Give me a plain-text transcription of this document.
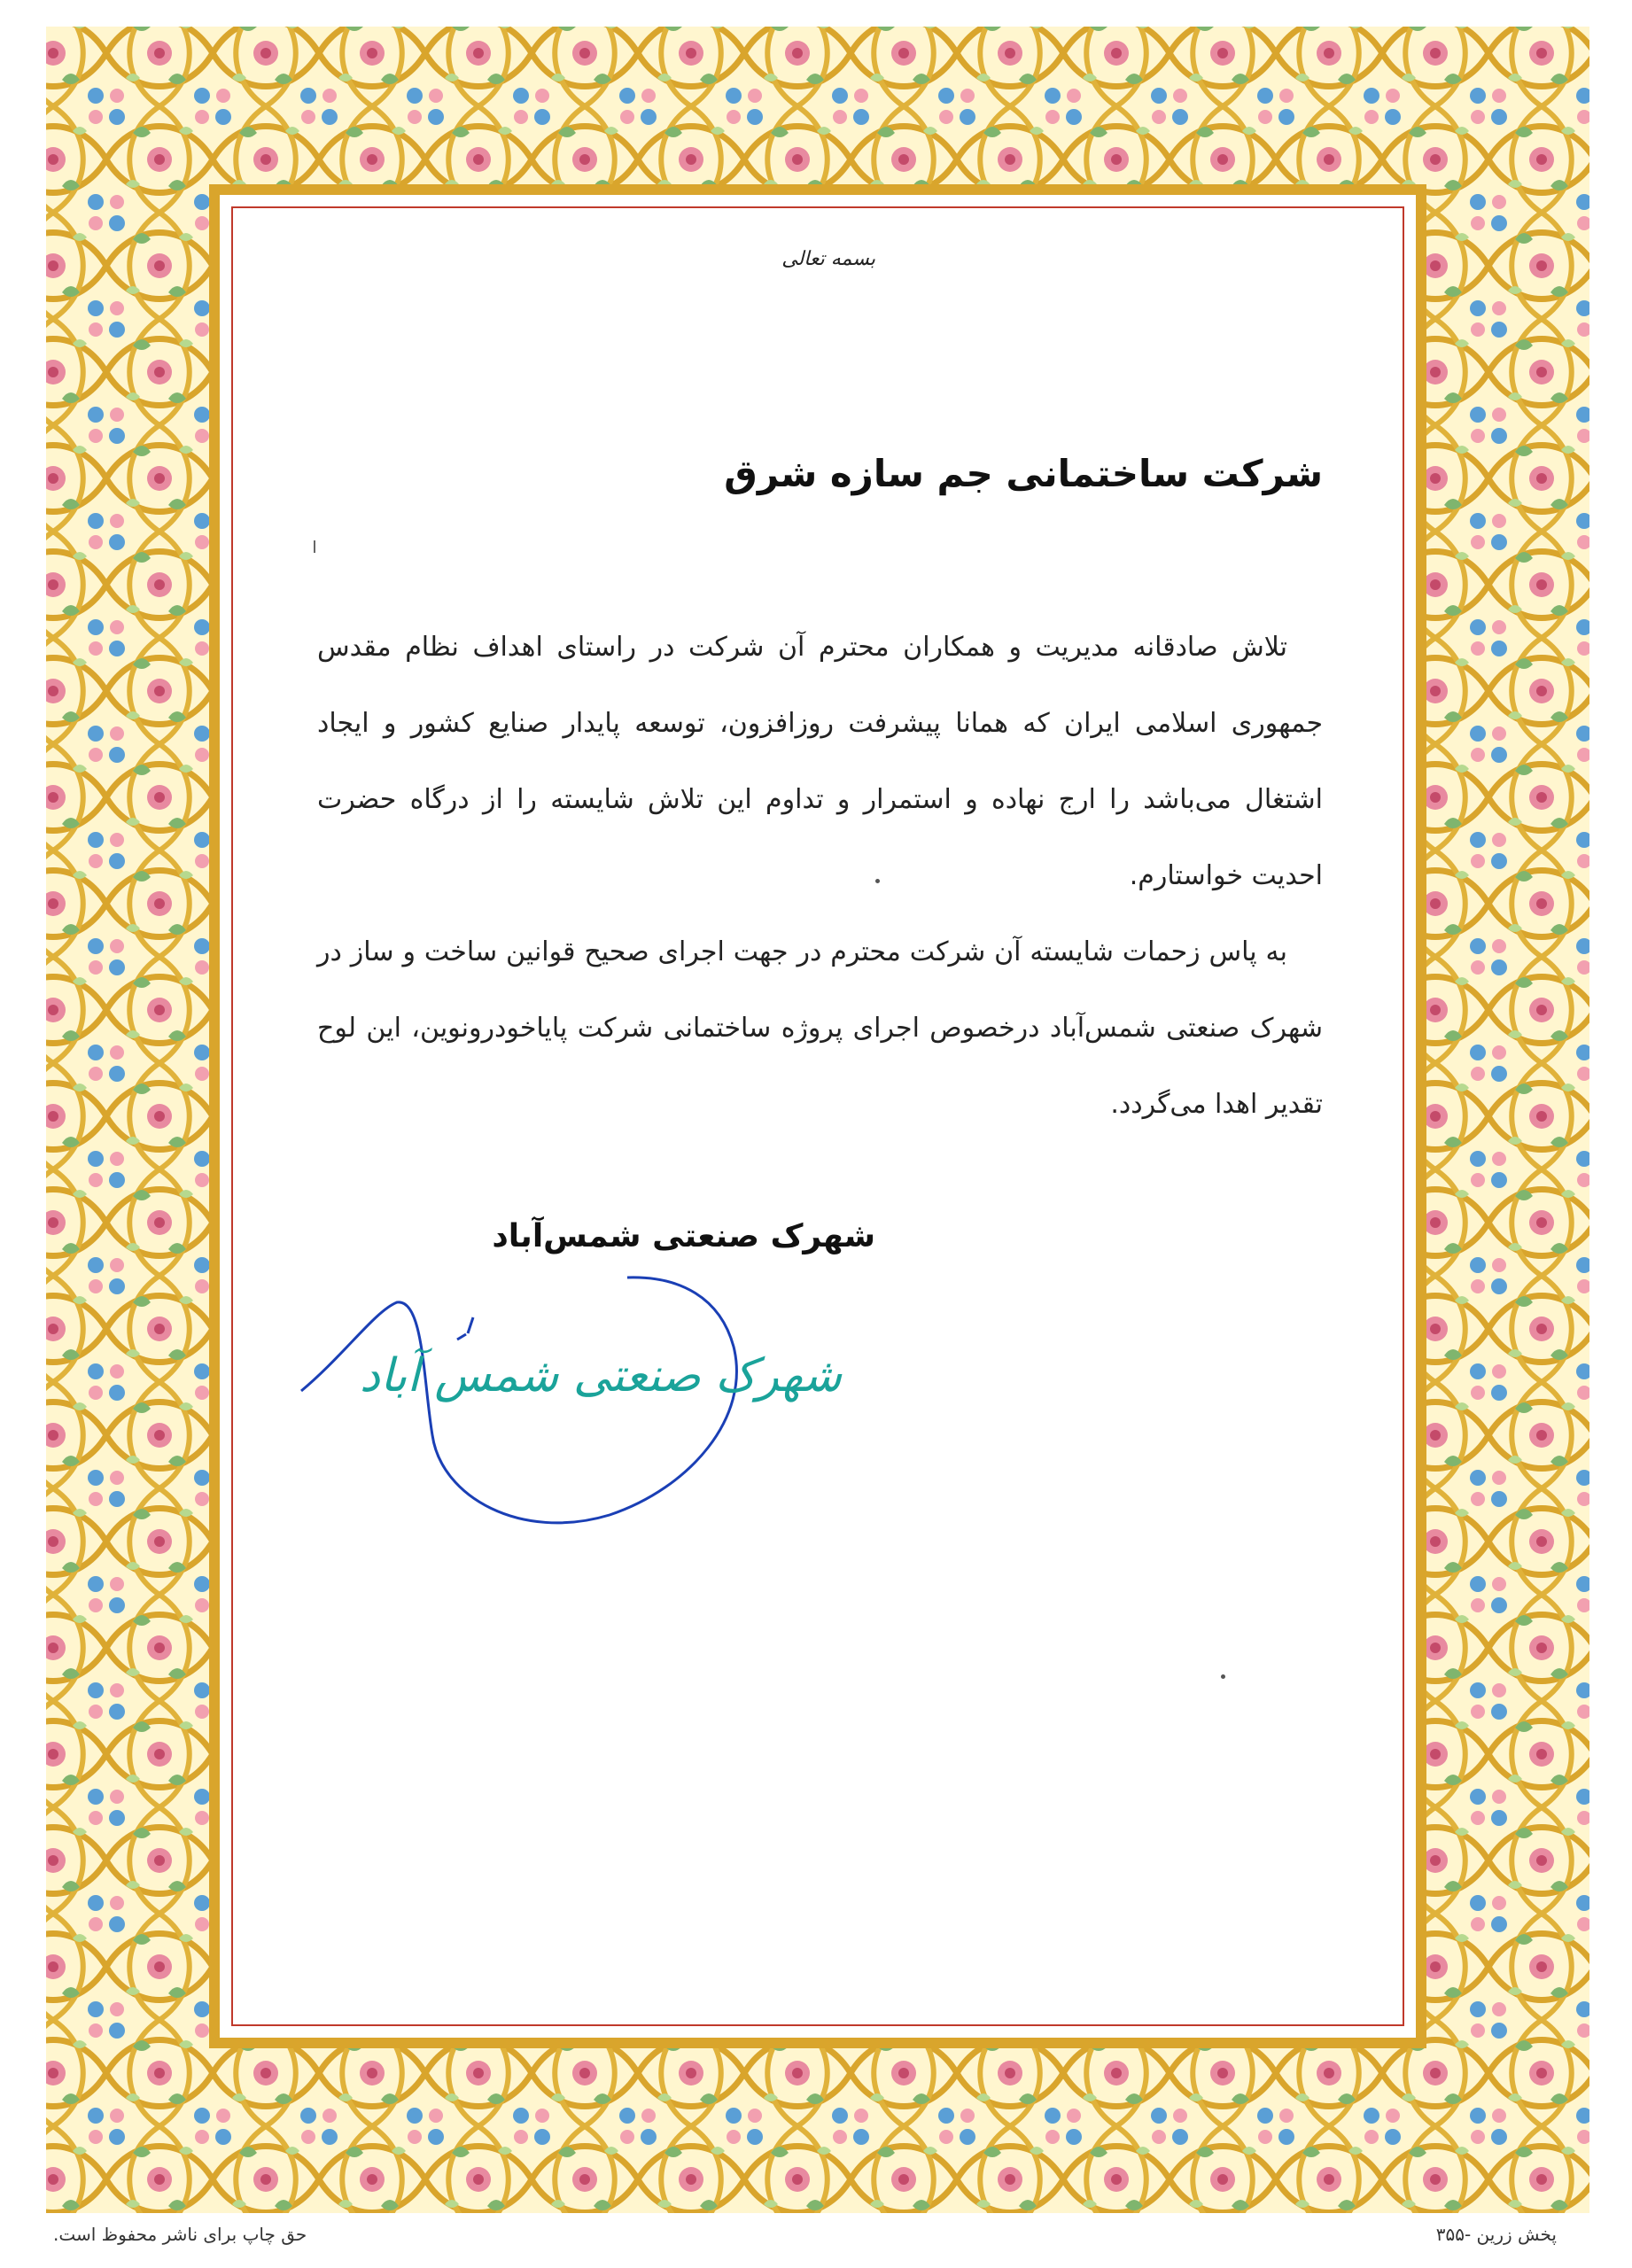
بسمه تعالی
شرکت ساختمانی جم سازه شرق

تلاش صادقانه مدیریت و همکاران محترم آن شرکت در راستای اهداف نظام مقدس جمهوری اسلامی ایران که همانا پیشرفت روزافزون، توسعه پایدار صنایع کشور و ایجاد اشتغال می‌باشد را ارج نهاده و استمرار و تداوم این تلاش شایسته را از درگاه حضرت احدیت خواستارم.

به پاس زحمات شایسته آن شرکت محترم در جهت اجرای صحیح قوانین ساخت و ساز در شهرک صنعتی شمس‌آباد درخصوص اجرای پروژه ساختمانی شرکت پایاخودرونوین، این لوح تقدیر اهدا می‌گردد.

شهرک صنعتی شمس‌آباد
شهرک صنعتی شمس آباد
حق چاپ برای ناشر محفوظ است.	پخش زرین -۳۵۵
